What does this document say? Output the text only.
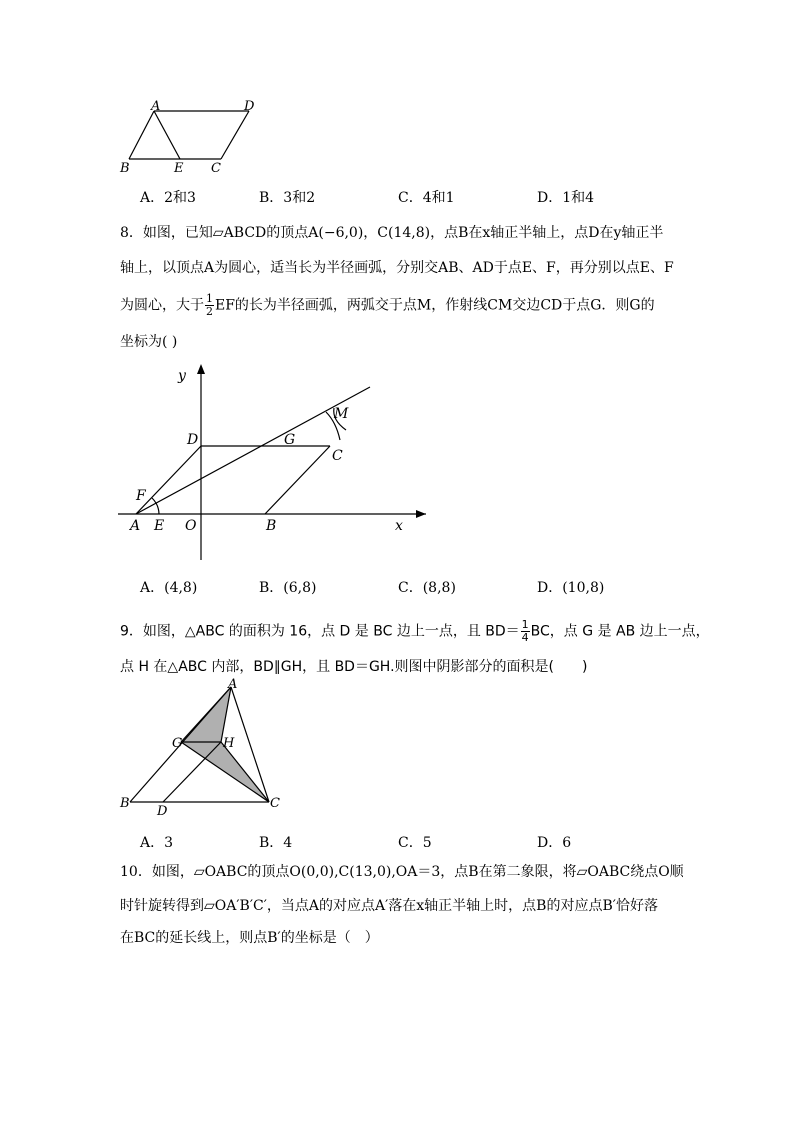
A	D
B	E C
A．2和3	B．3和2	C．4和1	D．1和4
8．如图，已知▱ABCD的顶点A(−6,0)，C(14,8)，点B在x轴正半轴上，点D在y轴正半
轴上，以顶点A为圆心，适当长为半径画弧，分别交AB、AD于点E、F，再分别以点E、F
为圆心，大于 $\frac{1}{2}$ EF的长为半径画弧，两弧交于点M，作射线CM交边CD于点G．则G的
坐标为( )
y
M
D	G
C
F
A E O	B	x
A．(4,8)	B．(6,8)	C．(8,8)	D．(10,8)
9．如图，△ABC 的面积为 16，点 D 是 BC 边上一点，且 $BD= \frac{1}{4}$ BC，点 G 是 AB 边上一点，
点 H 在△ABC 内部，BD∥GH，且 BD＝GH.则图中阴影部分的面积是(　　)
A
G	H
B
D
C
A．3	B．4	C．5	D．6
10．如图，▱OABC的顶点O(0,0),C(13,0),OA＝3，点B在第二象限，将▱OABC绕点O顺
时针旋转得到▱OA′B′C′，当点A的对应点A′落在x轴正半轴上时，点B的对应点B′恰好落
在BC的延长线上，则点B′的坐标是（　）
